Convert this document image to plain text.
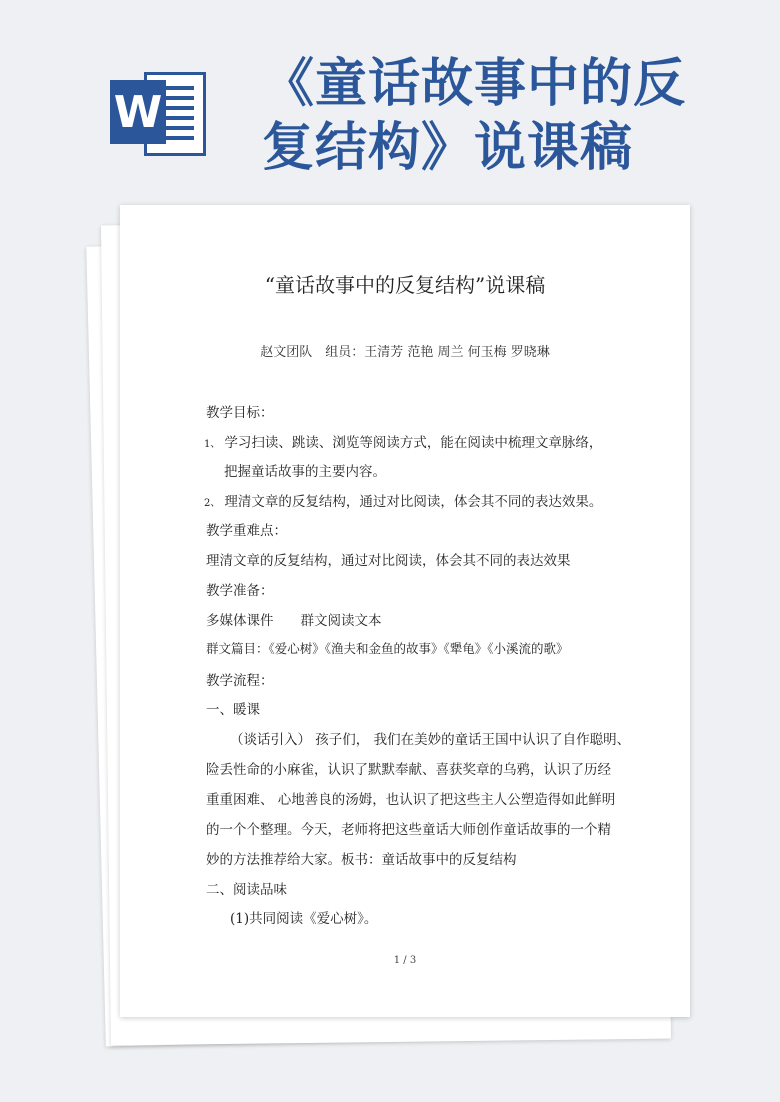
W 《童话故事中的反
复结构》说课稿
“童话故事中的反复结构”说课稿
赵文团队　组员：王清芳 范艳 周兰 何玉梅 罗晓琳
教学目标：
1、 学习扫读、跳读、浏览等阅读方式，能在阅读中梳理文章脉络，
把握童话故事的主要内容。
2、 理清文章的反复结构，通过对比阅读，体会其不同的表达效果。
教学重难点：
理清文章的反复结构，通过对比阅读，体会其不同的表达效果
教学准备：
多媒体课件　　群文阅读文本
群文篇目：《爱心树》《渔夫和金鱼的故事》《犟龟》《小溪流的歌》
教学流程：
一、暖课
（谈话引入） 孩子们， 我们在美妙的童话王国中认识了自作聪明、
险丢性命的小麻雀，认识了默默奉献、喜获奖章的乌鸦，认识了历经
重重困难、 心地善良的汤姆，也认识了把这些主人公塑造得如此鲜明
的一个个整理。今天，老师将把这些童话大师创作童话故事的一个精
妙的方法推荐给大家。板书：童话故事中的反复结构
二、阅读品味
(1)共同阅读《爱心树》。
1 / 3
